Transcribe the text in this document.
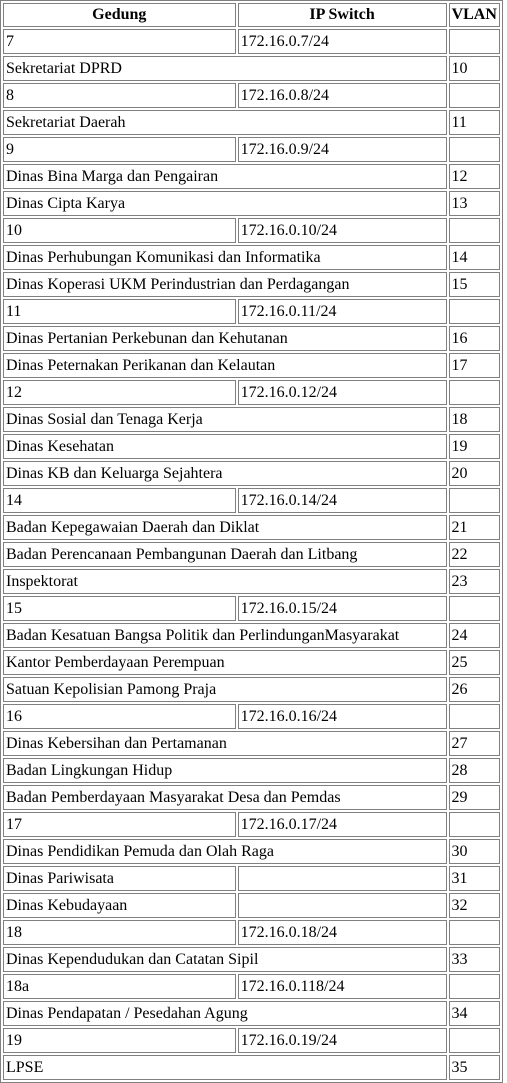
Gedung	IP Switch	VLAN
7	172.16.0.7/24	
Sekretariat DPRD		10
8	172.16.0.8/24	
Sekretariat Daerah		11
9	172.16.0.9/24	
Dinas Bina Marga dan Pengairan		12
Dinas Cipta Karya		13
10	172.16.0.10/24	
Dinas Perhubungan Komunikasi dan Informatika		14
Dinas Koperasi UKM Perindustrian dan Perdagangan		15
11	172.16.0.11/24	
Dinas Pertanian Perkebunan dan Kehutanan		16
Dinas Peternakan Perikanan dan Kelautan		17
12	172.16.0.12/24	
Dinas Sosial dan Tenaga Kerja		18
Dinas Kesehatan		19
Dinas KB dan Keluarga Sejahtera		20
14	172.16.0.14/24	
Badan Kepegawaian Daerah dan Diklat		21
Badan Perencanaan Pembangunan Daerah dan Litbang		22
Inspektorat		23
15	172.16.0.15/24	
Badan Kesatuan Bangsa Politik dan PerlindunganMasyarakat		24
Kantor Pemberdayaan Perempuan		25
Satuan Kepolisian Pamong Praja		26
16	172.16.0.16/24	
Dinas Kebersihan dan Pertamanan		27
Badan Lingkungan Hidup		28
Badan Pemberdayaan Masyarakat Desa dan Pemdas		29
17	172.16.0.17/24	
Dinas Pendidikan Pemuda dan Olah Raga		30
Dinas Pariwisata		31
Dinas Kebudayaan		32
18	172.16.0.18/24	
Dinas Kependudukan dan Catatan Sipil		33
18a	172.16.0.118/24	
Dinas Pendapatan / Pesedahan Agung		34
19	172.16.0.19/24	
LPSE		35
